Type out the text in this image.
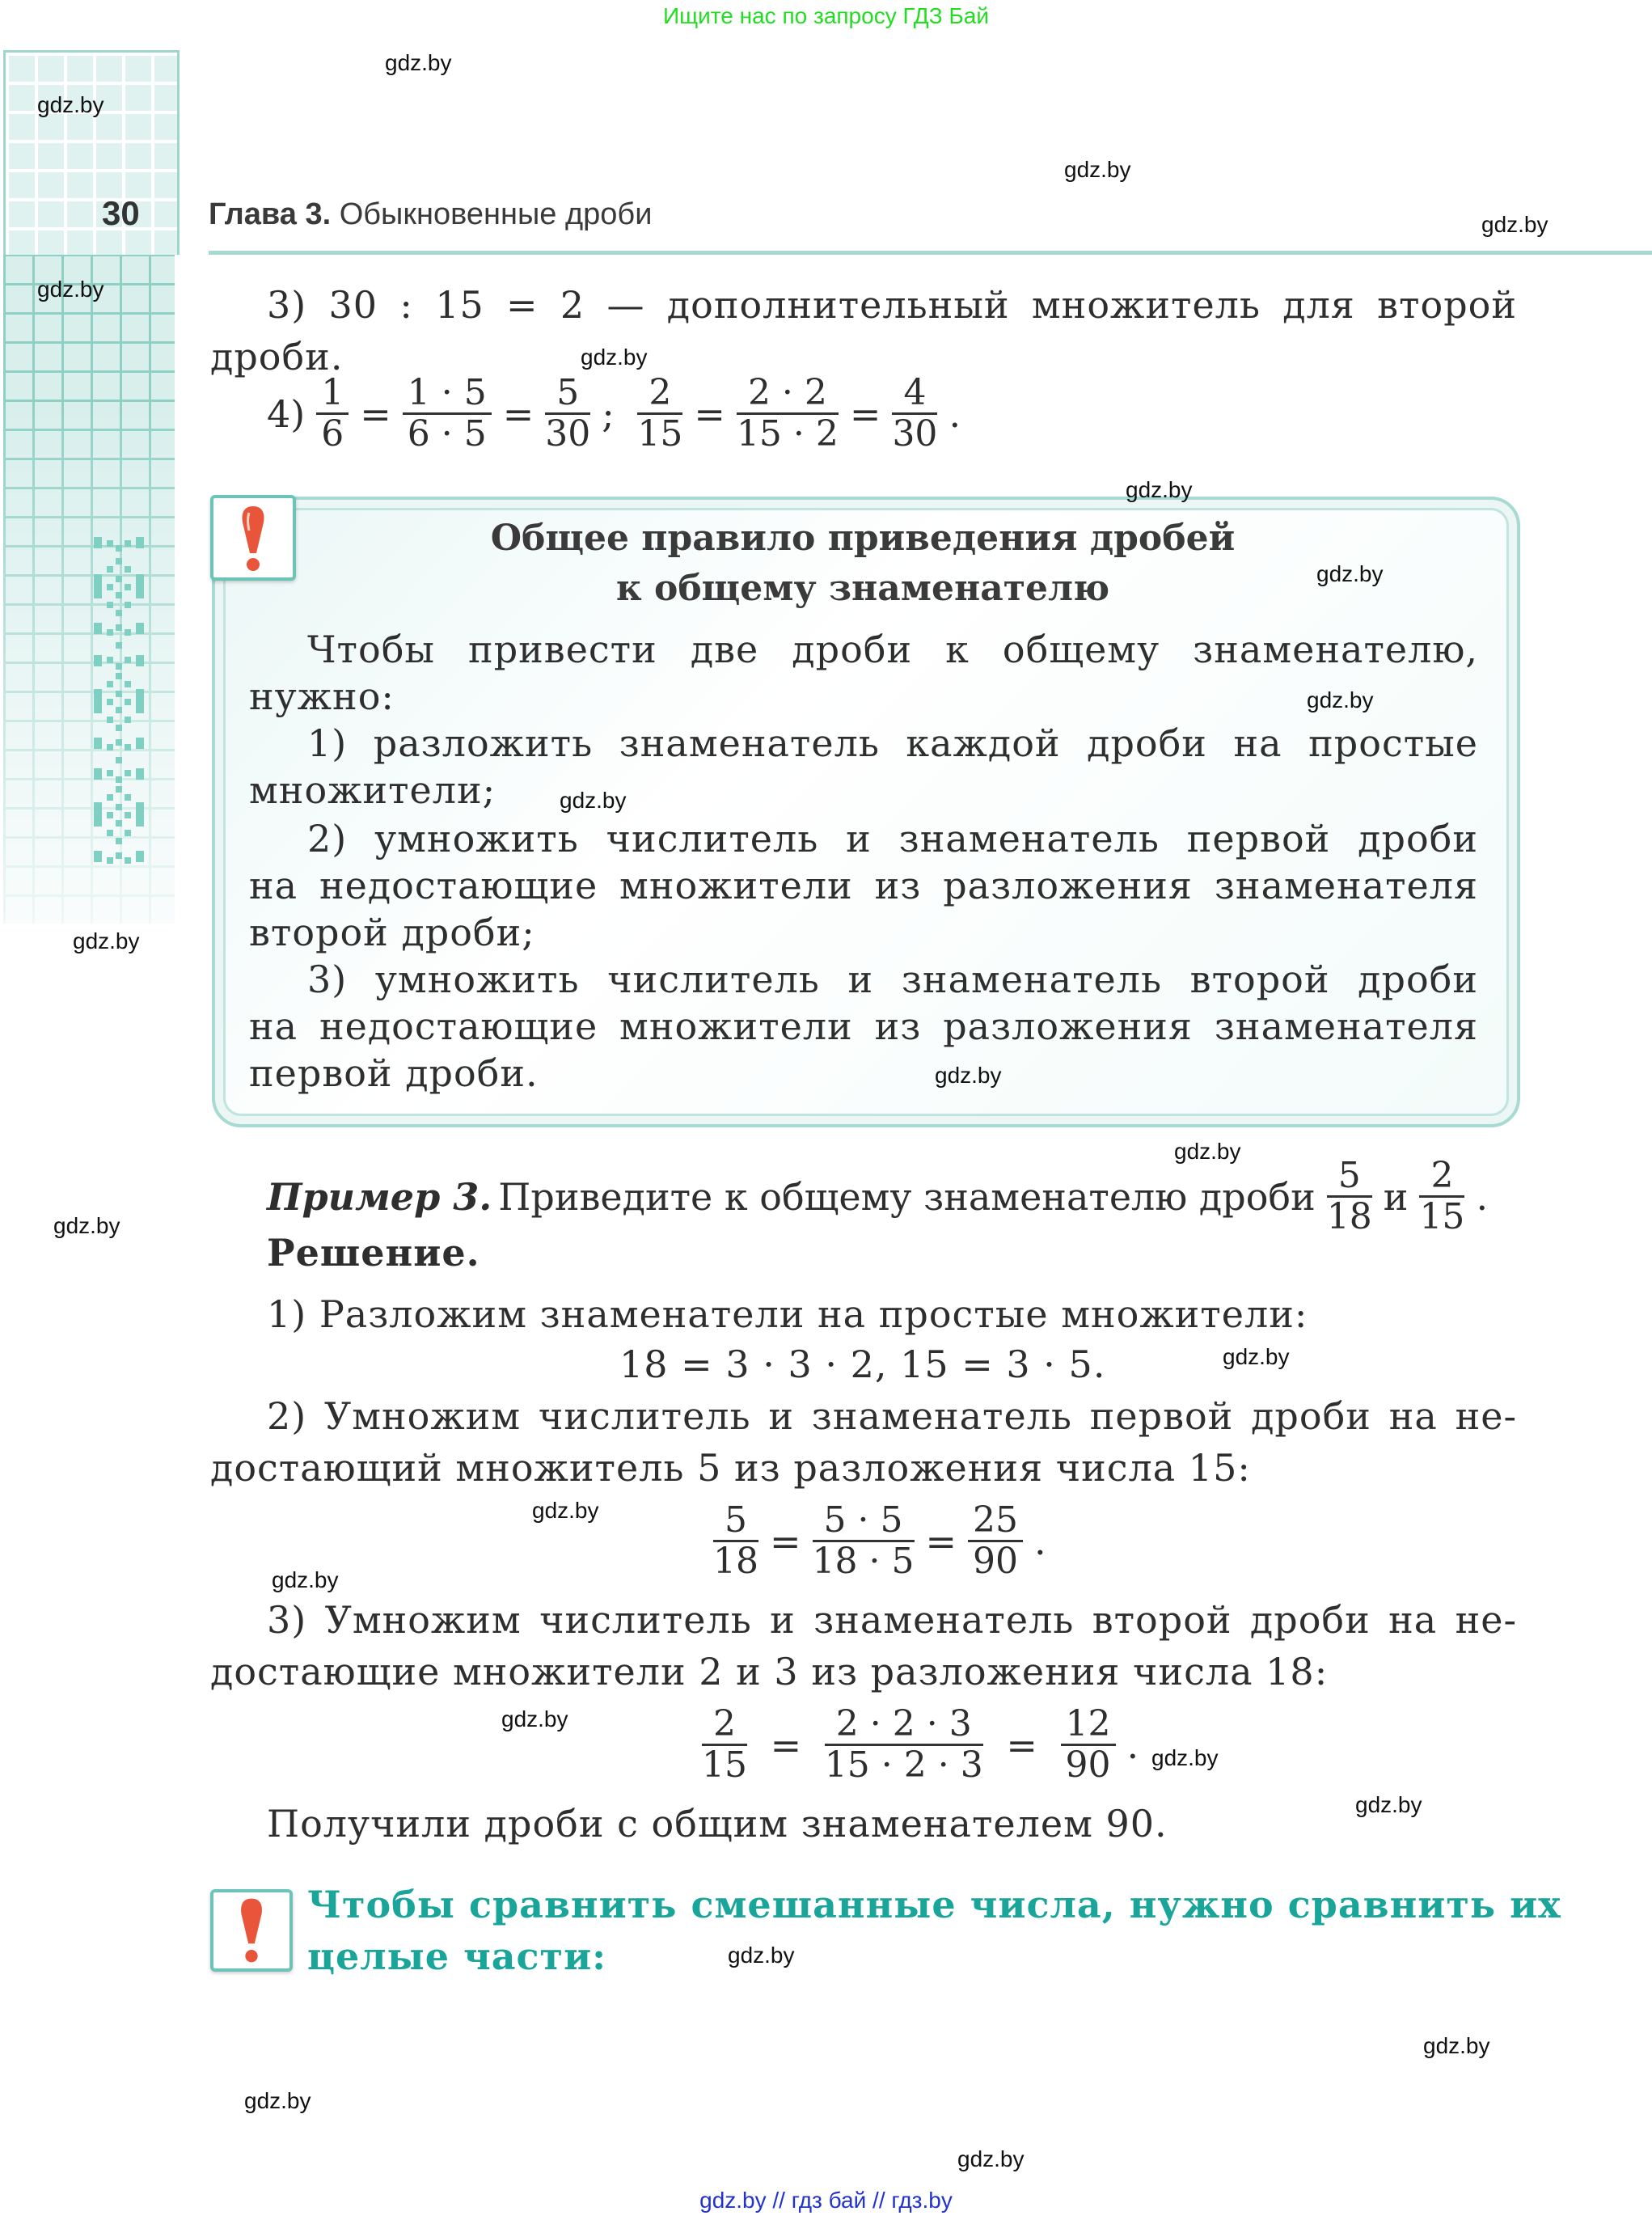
Ищите нас по запросу ГДЗ Бай
30 Глава 3. Обыкновенные дроби
3) 30 : 15 = 2 — дополнительный множитель для второй
дроби.
$4) \frac{1}{6} = \frac{1 \cdot 5}{6 \cdot 5} = \frac{5}{30}$ ; $\frac{2}{15} = \frac{2 \cdot 2}{15 \cdot 2} = \frac{4}{30}$ .
Общее правило приведения дробей
к общему знаменателю
Чтобы привести две дроби к общему знаменателю,
нужно:
1) разложить знаменатель каждой дроби на простые
множители;
2) умножить числитель и знаменатель первой дроби
на недостающие множители из разложения знаменателя
второй дроби;
3) умножить числитель и знаменатель второй дроби
на недостающие множители из разложения знаменателя
первой дроби.
Пример 3. Приведите к общему знаменателю дроби $\frac{5}{18}$ и $\frac{2}{15}$ .
Решение.
1) Разложим знаменатели на простые множители:
18 = 3 · 3 · 2, 15 = 3 · 5.
2) Умножим числитель и знаменатель первой дроби на не-
достающий множитель 5 из разложения числа 15:
$\frac{5}{18} = \frac{5 \cdot 5}{18 \cdot 5} = \frac{25}{90}$ .
3) Умножим числитель и знаменатель второй дроби на не-
достающие множители 2 и 3 из разложения числа 18:
$\frac{2}{15} = \frac{2 \cdot 2 \cdot 3}{15 \cdot 2 \cdot 3} = \frac{12}{90}$ .
Получили дроби с общим знаменателем 90.
Чтобы сравнить смешанные числа, нужно сравнить их
целые части:
gdz.by
gdz.by
gdz.by
gdz.by
gdz.by
gdz.by
gdz.by
gdz.by
gdz.by
gdz.by
gdz.by
gdz.by
gdz.by
gdz.by
gdz.by
gdz.by
gdz.by
gdz.by
gdz.by
gdz.by
gdz.by
gdz.by
gdz.by
gdz.by
gdz.by // гдз бай // гдз.by
